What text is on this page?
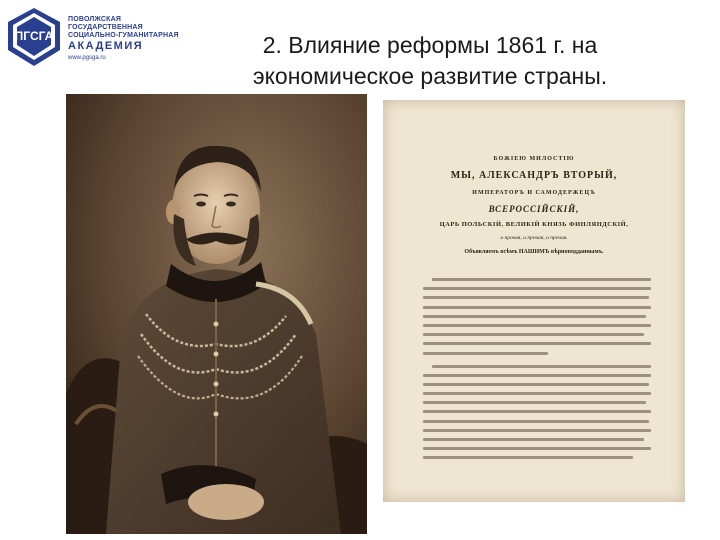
ПГСГА
ПОВОЛЖСКАЯ
ГОСУДАРСТВЕННАЯ
СОЦИАЛЬНО-ГУМАНИТАРНАЯ
АКАДЕМИЯ
www.pgsga.ru	2. Влияние реформы 1861 г. на
экономическое развитие страны.
БОЖІЕЮ МИЛОСТІЮ
МЫ, АЛЕКСАНДРЪ ВТОРЫЙ,
ИМПЕРАТОРЪ И САМОДЕРЖЕЦЪ
ВСЕРОССІЙСКІЙ,
ЦАРЬ ПОЛЬСКІЙ, ВЕЛИКІЙ КНЯЗЬ ФИНЛЯНДСКІЙ,
и прочая, и прочая, и прочая.
Объявляемъ всѣмъ НАШИМЪ вѣрноподданнымъ.
